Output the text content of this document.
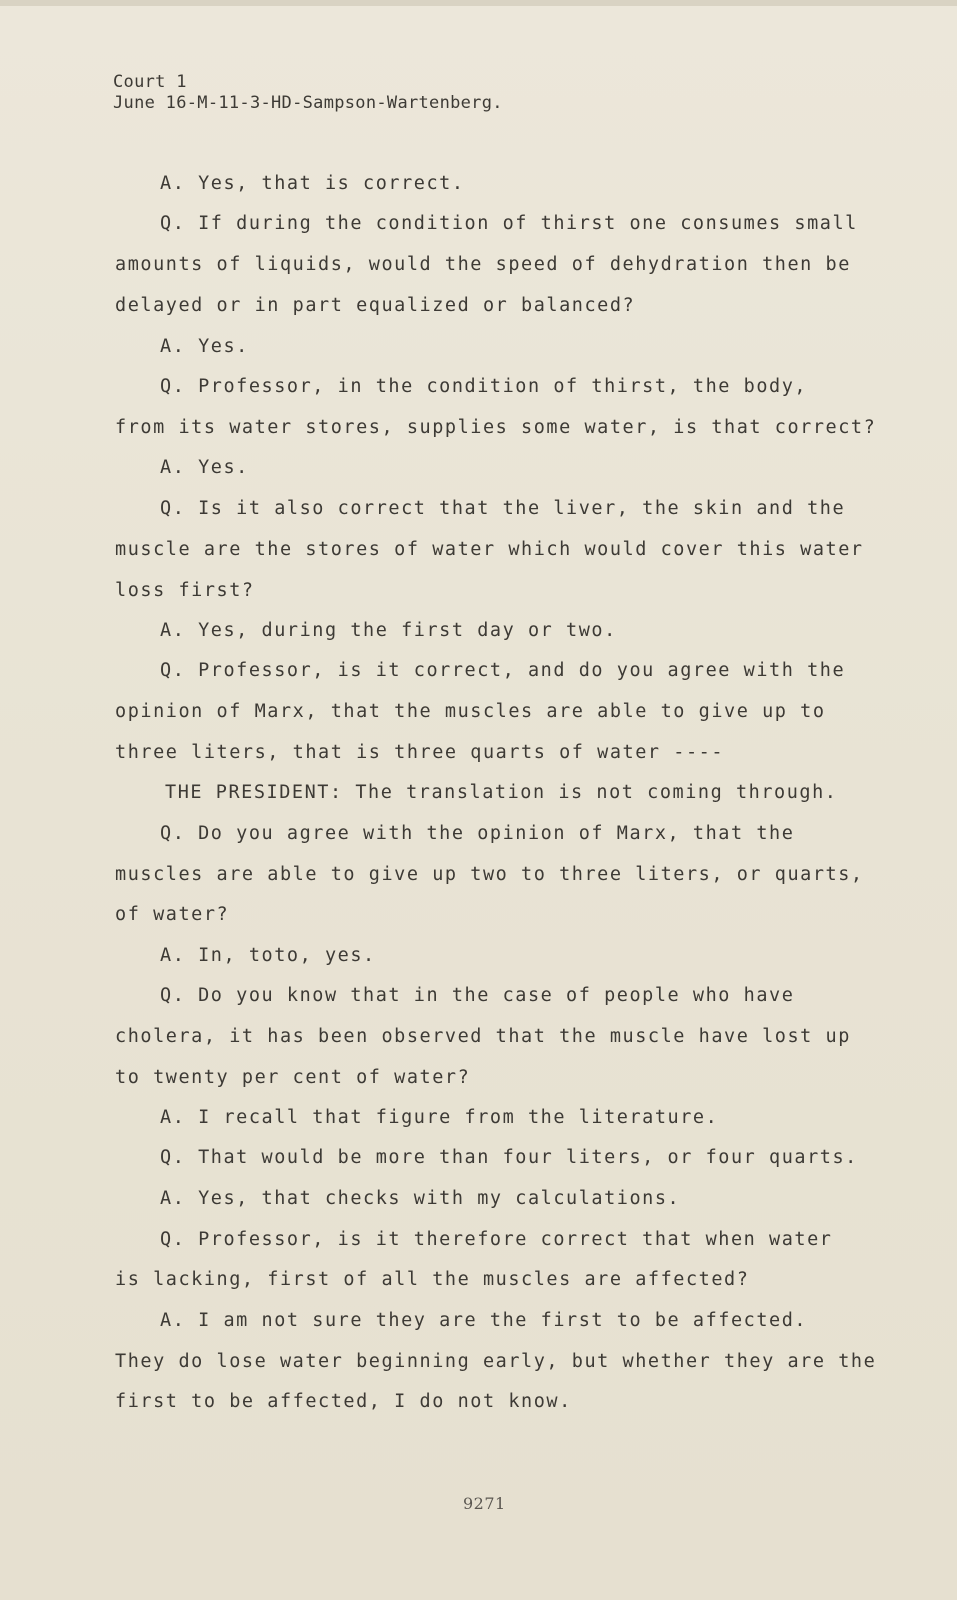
Court 1
June 16-M-11-3-HD-Sampson-Wartenberg.
A. Yes, that is correct.
Q. If during the condition of thirst one consumes small
amounts of liquids, would the speed of dehydration then be
delayed or in part equalized or balanced?
A. Yes.
Q. Professor, in the condition of thirst, the body,
from its water stores, supplies some water, is that correct?
A. Yes.
Q. Is it also correct that the liver, the skin and the
muscle are the stores of water which would cover this water
loss first?
A. Yes, during the first day or two.
Q. Professor, is it correct, and do you agree with the
opinion of Marx, that the muscles are able to give up to
three liters, that is three quarts of water ----
THE PRESIDENT: The translation is not coming through.
Q. Do you agree with the opinion of Marx, that the
muscles are able to give up two to three liters, or quarts,
of water?
A. In, toto, yes.
Q. Do you know that in the case of people who have
cholera, it has been observed that the muscle have lost up
to twenty per cent of water?
A. I recall that figure from the literature.
Q. That would be more than four liters, or four quarts.
A. Yes, that checks with my calculations.
Q. Professor, is it therefore correct that when water
is lacking, first of all the muscles are affected?
A. I am not sure they are the first to be affected.
They do lose water beginning early, but whether they are the
first to be affected, I do not know.
9271
